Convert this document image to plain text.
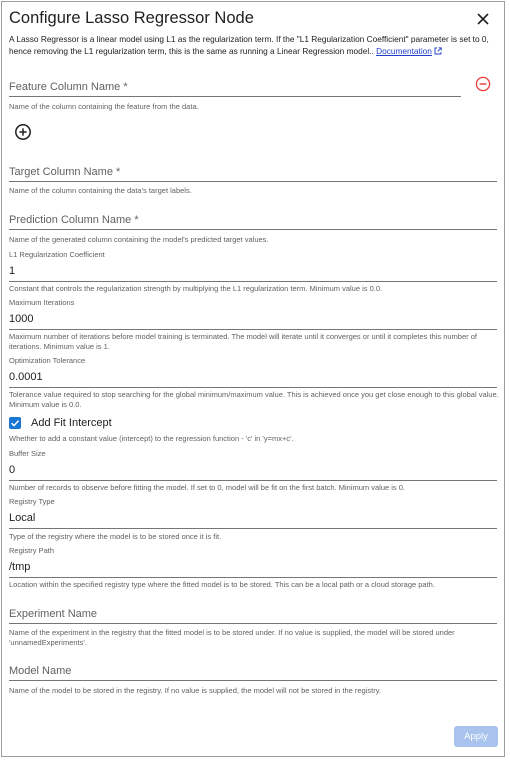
Configure Lasso Regressor Node
A Lasso Regressor is a linear model using L1 as the regularization term. If the "L1 Regularization Coefficient" parameter is set to 0, hence removing the L1 regularization term, this is the same as running a Linear Regression model.. Documentation
Feature Column Name *
Name of the column containing the feature from the data.
Target Column Name *
Name of the column containing the data's target labels.
Prediction Column Name *
Name of the generated column containing the model's predicted target values.
L1 Regularization Coefficient
1
Constant that controls the regularization strength by multiplying the L1 regularization term. Minimum value is 0.0.
Maximum Iterations
1000
Maximum number of iterations before model training is terminated. The model will iterate until it converges or until it completes this number of iterations. Minimum value is 1.
Optimization Tolerance
0.0001
Tolerance value required to stop searching for the global minimum/maximum value. This is achieved once you get close enough to this global value. Minimum value is 0.0.
Add Fit Intercept
Whether to add a constant value (intercept) to the regression function - 'c' in 'y=mx+c'.
Buffer Size
0
Number of records to observe before fitting the model. If set to 0, model will be fit on the first batch. Minimum value is 0.
Registry Type
Local
Type of the registry where the model is to be stored once it is fit.
Registry Path
/tmp
Location within the specified registry type where the fitted model is to be stored. This can be a local path or a cloud storage path.
Experiment Name
Name of the experiment in the registry that the fitted model is to be stored under. If no value is supplied, the model will be stored under 'unnamedExperiments'.
Model Name
Name of the model to be stored in the registry. If no value is supplied, the model will not be stored in the registry.
Apply
